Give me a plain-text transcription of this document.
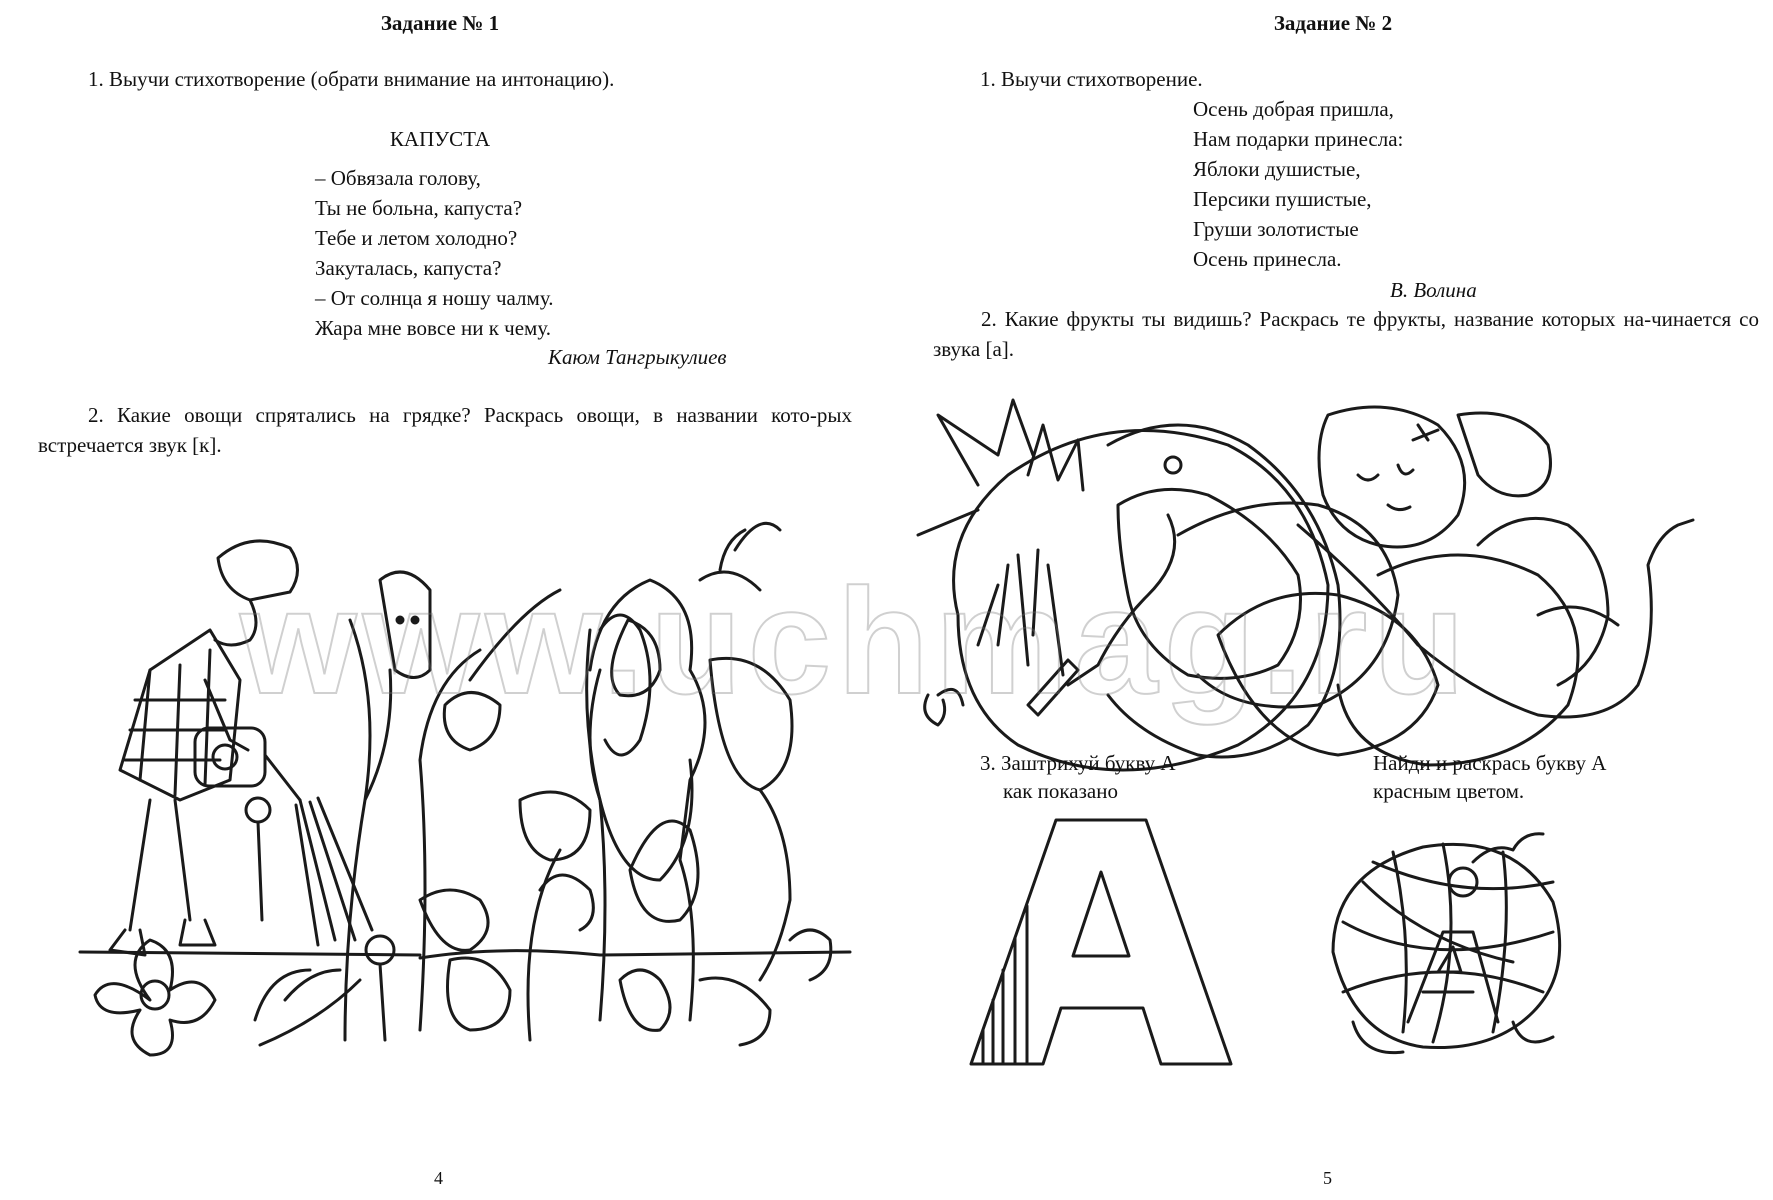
Задание № 1
1. Выучи стихотворение (обрати внимание на интонацию).
КАПУСТА
– Обвязала голову,
Ты не больна, капуста?
Тебе и летом холодно?
Закуталась, капуста?
– От солнца я ношу чалму.
Жара мне вовсе ни к чему.
Каюм Тангрыкулиев
2. Какие овощи спрятались на грядке? Раскрась овощи, в названии кото-рых встречается звук [к].
4
Задание № 2
1. Выучи стихотворение.
Осень добрая пришла,
Нам подарки принесла:
Яблоки душистые,
Персики пушистые,
Груши золотистые
Осень принесла.
В. Волина
2. Какие фрукты ты видишь? Раскрась те фрукты, название которых на-чинается со звука [а].
3. Заштрихуй букву А
как показано
Найди и раскрась букву А
красным цветом.
5
www.uchmag.ru
